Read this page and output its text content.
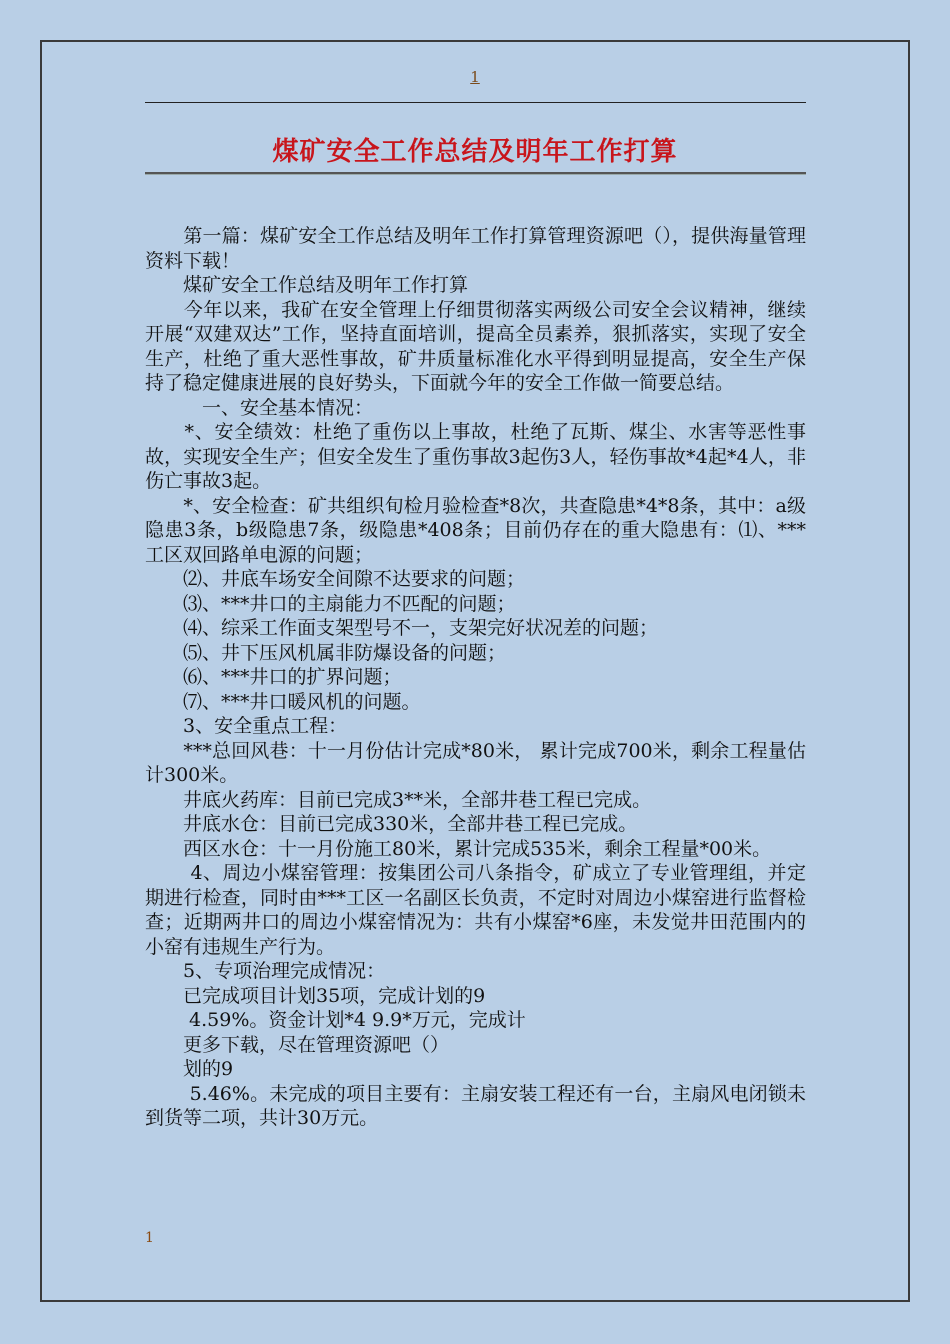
1
煤矿安全工作总结及明年工作打算

　　第一篇：煤矿安全工作总结及明年工作打算管理资源吧（），提供海量管理资料下载！

　　煤矿安全工作总结及明年工作打算

　　今年以来，我矿在安全管理上仔细贯彻落实两级公司安全会议精神，继续开展“双建双达”工作，坚持直面培训，提高全员素养，狠抓落实，实现了安全生产，杜绝了重大恶性事故，矿井质量标准化水平得到明显提高，安全生产保持了稳定健康进展的良好势头，下面就今年的安全工作做一简要总结。

　　　一、安全基本情况：

　　*、安全绩效：杜绝了重伤以上事故，杜绝了瓦斯、煤尘、水害等恶性事故，实现安全生产；但安全发生了重伤事故3起伤3人，轻伤事故*4起*4人，非伤亡事故3起。

　　*、安全检查：矿共组织旬检月验检查*8次，共查隐患*4*8条，其中：a级隐患3条，b级隐患7条，级隐患*408条；目前仍存在的重大隐患有：⑴、***工区双回路单电源的问题；

　　⑵、井底车场安全间隙不达要求的问题；

　　⑶、***井口的主扇能力不匹配的问题；

　　⑷、综采工作面支架型号不一，支架完好状况差的问题；

　　⑸、井下压风机属非防爆设备的问题；

　　⑹、***井口的扩界问题；

　　⑺、***井口暖风机的问题。

　　3、安全重点工程：

　　***总回风巷：十一月份估计完成*80米， 累计完成700米，剩余工程量估计300米。

　　井底火药库：目前已完成3**米，全部井巷工程已完成。

　　井底水仓：目前已完成330米，全部井巷工程已完成。

　　西区水仓：十一月份施工80米，累计完成535米，剩余工程量*00米。

　　 4、周边小煤窑管理：按集团公司八条指令，矿成立了专业管理组，并定期进行检查，同时由***工区一名副区长负责，不定时对周边小煤窑进行监督检查；近期两井口的周边小煤窑情况为：共有小煤窑*6座，未发觉井田范围内的小窑有违规生产行为。

　　5、专项治理完成情况：

　　已完成项目计划35项，完成计划的9

　　 4.59%。资金计划*4 9.9*万元，完成计

　　更多下载，尽在管理资源吧（）

　　划的9

　　 5.46%。未完成的项目主要有：主扇安装工程还有一台，主扇风电闭锁未到货等二项，共计30万元。

1
